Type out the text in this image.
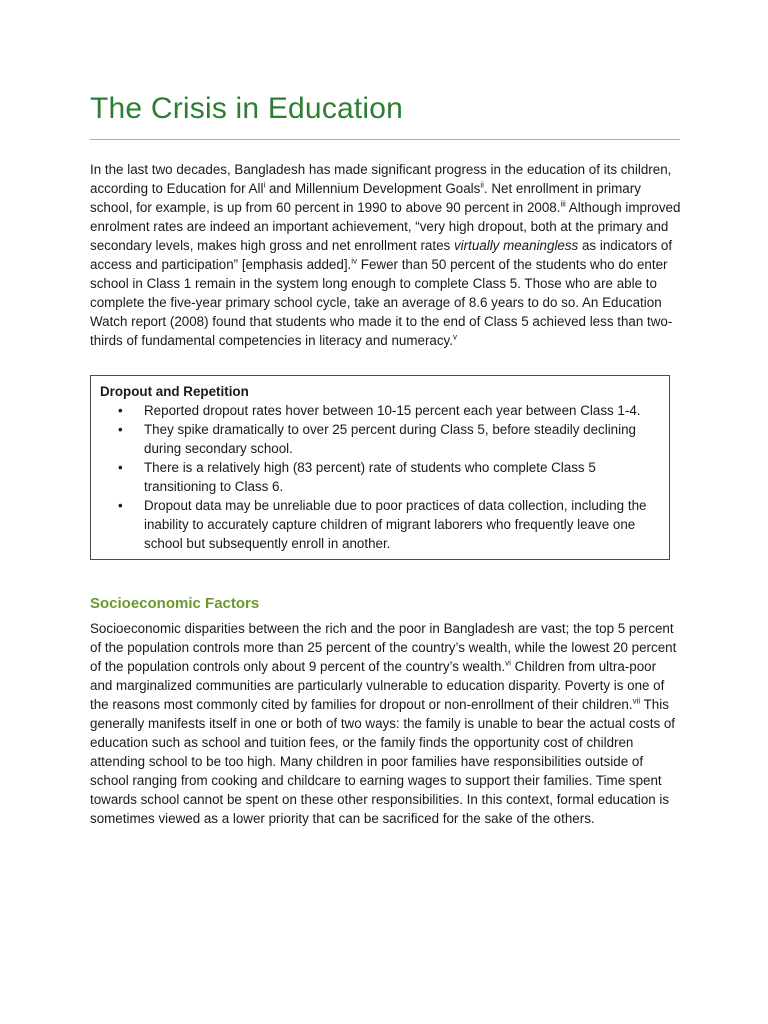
The Crisis in Education

In the last two decades, Bangladesh has made significant progress in the education of its children, according to Education for All$^i$ and Millennium Development Goals$^{ii}$. Net enrollment in primary school, for example, is up from 60 percent in 1990 to above 90 percent in 2008.$^{iii}$ Although improved enrolment rates are indeed an important achievement, “very high dropout, both at the primary and secondary levels, makes high gross and net enrollment rates virtually meaningless as indicators of access and participation” [emphasis added].$^{iv}$ Fewer than 50 percent of the students who do enter school in Class 1 remain in the system long enough to complete Class 5. Those who are able to complete the five-year primary school cycle, take an average of 8.6 years to do so. An Education Watch report (2008) found that students who made it to the end of Class 5 achieved less than two-thirds of fundamental competencies in literacy and numeracy.$^v$

Dropout and Repetition

• Reported dropout rates hover between 10-15 percent each year between Class 1-4.
• They spike dramatically to over 25 percent during Class 5, before steadily declining during secondary school.
• There is a relatively high (83 percent) rate of students who complete Class 5 transitioning to Class 6.
• Dropout data may be unreliable due to poor practices of data collection, including the inability to accurately capture children of migrant laborers who frequently leave one school but subsequently enroll in another.
Socioeconomic Factors

Socioeconomic disparities between the rich and the poor in Bangladesh are vast; the top 5 percent of the population controls more than 25 percent of the country’s wealth, while the lowest 20 percent of the population controls only about 9 percent of the country’s wealth.$^{vi}$ Children from ultra-poor and marginalized communities are particularly vulnerable to education disparity. Poverty is one of the reasons most commonly cited by families for dropout or non-enrollment of their children.$^{vii}$ This generally manifests itself in one or both of two ways: the family is unable to bear the actual costs of education such as school and tuition fees, or the family finds the opportunity cost of children attending school to be too high. Many children in poor families have responsibilities outside of school ranging from cooking and childcare to earning wages to support their families. Time spent towards school cannot be spent on these other responsibilities. In this context, formal education is sometimes viewed as a lower priority that can be sacrificed for the sake of the others.
